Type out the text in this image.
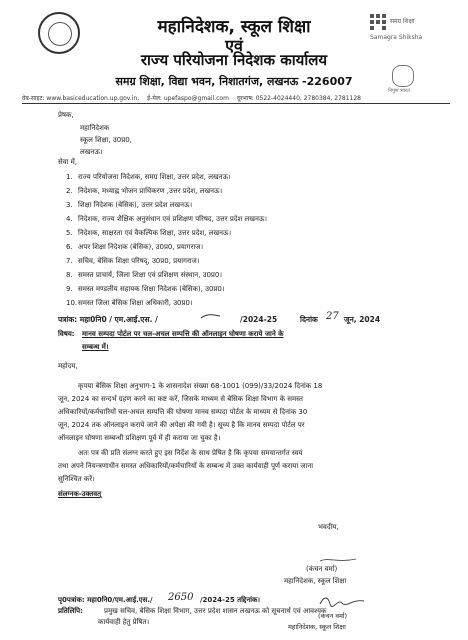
महानिदेशक, स्कूल शिक्षा
एवं
राज्य परियोजना निदेशक कार्यालय
समग्र शिक्षा, विद्या भवन, निशातगंज, लखनऊ -226007
समग्र शिक्षा
Samagra Shiksha
निपुण भारत
वेब-साइट: www.basiceducation.up.gov.in, ई-मेल: upefaspo@gmail.com दूरभाष: 0522-4024440, 2780384, 2781128
प्रेषक,
महानिदेशक
स्कूल शिक्षा, उ0प्र0,
लखनऊ।
सेवा में,
1. राज्य परियोजना निदेशक, समग्र शिक्षा, उत्तर प्रदेश, लखनऊ।
2. निदेशक, मध्याह्न भोजन प्राधिकरण ,उत्तर प्रदेश, लखनऊ।
3. शिक्षा निदेशक (बेसिक), उत्तर प्रदेश लखनऊ।
4. निदेशक, राज्य शैक्षिक अनुसंधान एवं प्रशिक्षण परिषद, उत्तर प्रदेश लखनऊ।
5. निदेशक, साक्षरता एवं वैकल्पिक शिक्षा, उत्तर प्रदेश, लखनऊ।
6. अपर शिक्षा निदेशक (बेसिक), उ0प्र0, प्रयागराज।
7. सचिव, बेसिक शिक्षा परिषद्, उ0प्र0, प्रयागराज।
8. समस्त प्राचार्य, जिला शिक्षा एवं प्रशिक्षण संस्थान, उ0प्र0।
9. समस्त मण्डलीय सहायक शिक्षा निदेशक (बेसिक), उ0प्र0।
10.समस्त जिला बेसिक शिक्षा अधिकारी, उ0प्र0।
पत्रांक: महा0नि0 / एम.आई.एस. /	/2024-25	दिनांक 27 जून, 2024
विषय: मानव सम्पदा पोर्टल पर चल-अचल सम्पत्ति की ऑनलाइन घोषणा कराये जाने के
सम्बन्ध में।
महोदय,
कृपया बेसिक शिक्षा अनुभाग-1 के शासनादेश संख्या 68-1001 (099)/33/2024 दिनांक 18
जून, 2024 का सन्दर्भ ग्रहण करने का कष्ट करें, जिसके माध्यम से बेसिक शिक्षा विभाग के समस्त
अधिकारियों/कर्मचारियों चल-अचल सम्पत्ति की घोषणा मानव सम्पदा पोर्टल के माध्यम से दिनांक 30
जून, 2024 तक ऑनलाइन कराये जाने की अपेक्षा की गयी है। सूच्य है कि मानव सम्पदा पोर्टल पर
ऑनलाइन घोषणा सम्बन्धी प्रशिक्षण पूर्व में ही कराया जा चुका है।
अतः पत्र की प्रति संलग्न करते हुए इस निर्देश के साथ प्रेषित है कि कृपया समयान्तर्गत स्वयं
तथा अपने नियन्त्रणाधीन समस्त अधिकारियों/कर्मचारियों के सम्बन्ध में उक्त कार्यवाही पूर्ण कराया जाना
सुनिश्चित करें।
संलग्नक-उक्तवत्
भवदीय,
(कंचन वर्मा)
महानिदेशक, स्कूल शिक्षा
पृ0पत्रांक: महा0नि0/एम.आई.एस./ 2650 /2024-25 तद्दिनांक।
प्रतिलिपि:	प्रमुख सचिव, बेसिक शिक्षा विभाग, उत्तर प्रदेश शासन लखनऊ को सूचनार्थ एवं आवश्यक
कार्यवाही हेतु प्रेषित।
(कंचन वर्मा)
महानिदेशक, स्कूल शिक्षा
